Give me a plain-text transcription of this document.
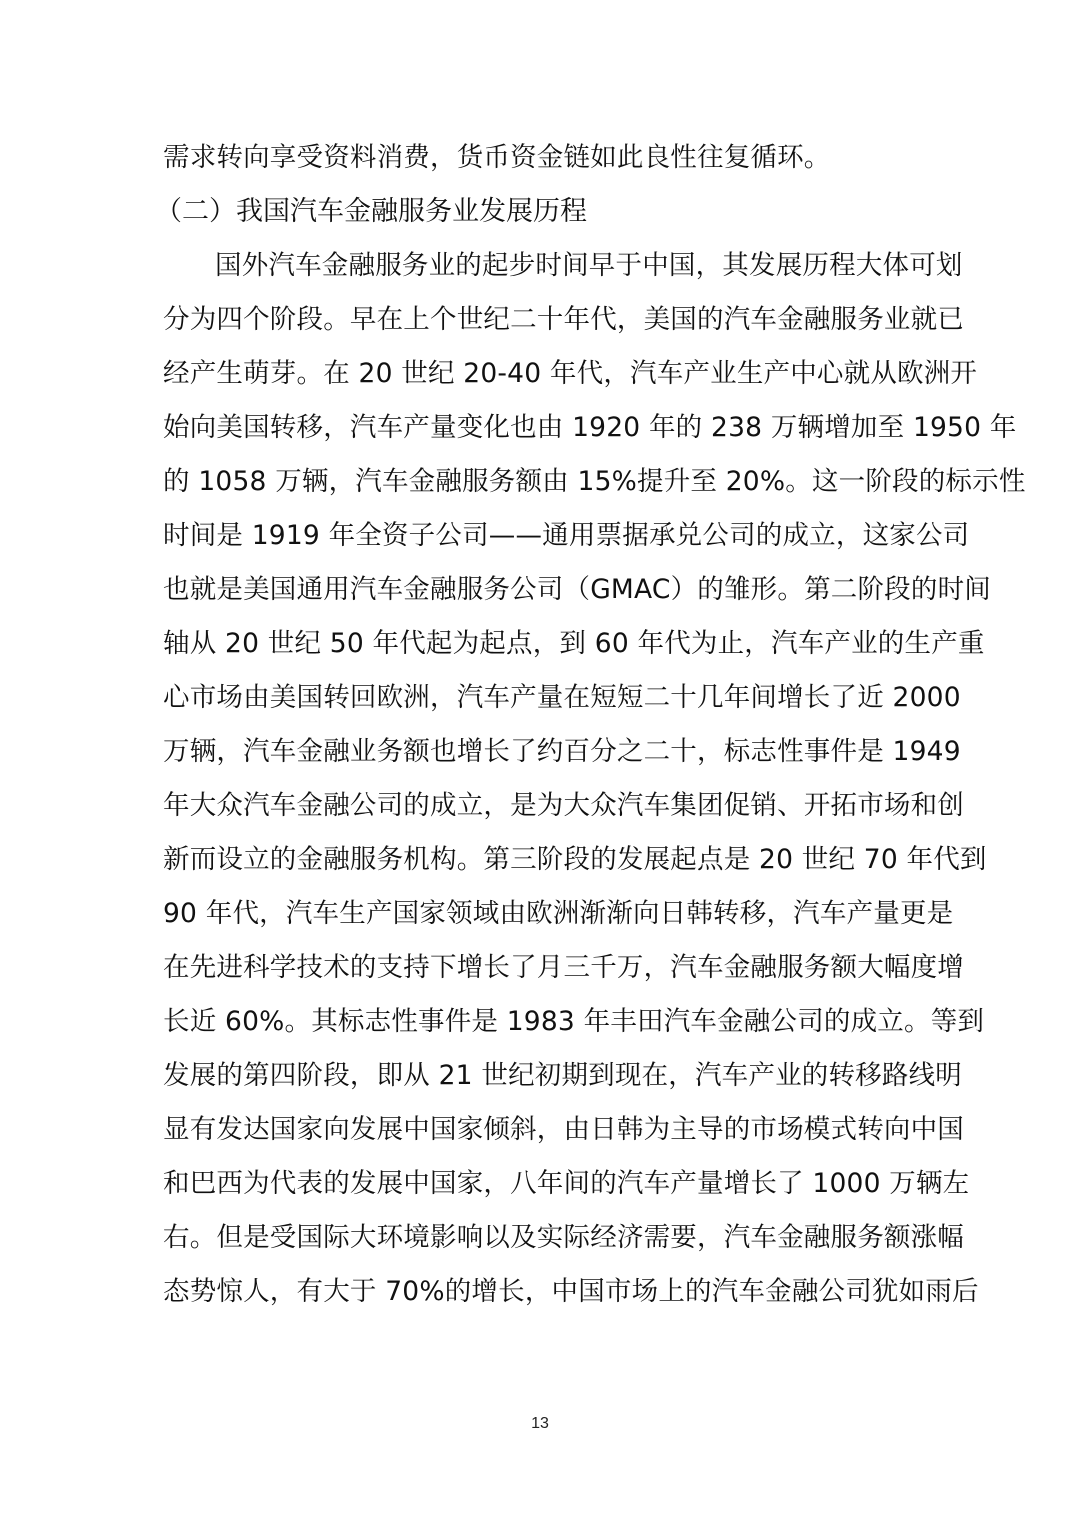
需求转向享受资料消费，货币资金链如此良性往复循环。
（二）我国汽车金融服务业发展历程
国外汽车金融服务业的起步时间早于中国，其发展历程大体可划
分为四个阶段。早在上个世纪二十年代，美国的汽车金融服务业就已
经产生萌芽。在 20 世纪 20-40 年代，汽车产业生产中心就从欧洲开
始向美国转移，汽车产量变化也由 1920 年的 238 万辆增加至 1950 年
的 1058 万辆，汽车金融服务额由 15%提升至 20%。这一阶段的标示性
时间是 1919 年全资子公司——通用票据承兑公司的成立，这家公司
也就是美国通用汽车金融服务公司（GMAC）的雏形。第二阶段的时间
轴从 20 世纪 50 年代起为起点，到 60 年代为止，汽车产业的生产重
心市场由美国转回欧洲，汽车产量在短短二十几年间增长了近 2000
万辆，汽车金融业务额也增长了约百分之二十，标志性事件是 1949
年大众汽车金融公司的成立，是为大众汽车集团促销、开拓市场和创
新而设立的金融服务机构。第三阶段的发展起点是 20 世纪 70 年代到
90 年代，汽车生产国家领域由欧洲渐渐向日韩转移，汽车产量更是
在先进科学技术的支持下增长了月三千万，汽车金融服务额大幅度增
长近 60%。其标志性事件是 1983 年丰田汽车金融公司的成立。等到
发展的第四阶段，即从 21 世纪初期到现在，汽车产业的转移路线明
显有发达国家向发展中国家倾斜，由日韩为主导的市场模式转向中国
和巴西为代表的发展中国家，八年间的汽车产量增长了 1000 万辆左
右。但是受国际大环境影响以及实际经济需要，汽车金融服务额涨幅
态势惊人，有大于 70%的增长，中国市场上的汽车金融公司犹如雨后
13
